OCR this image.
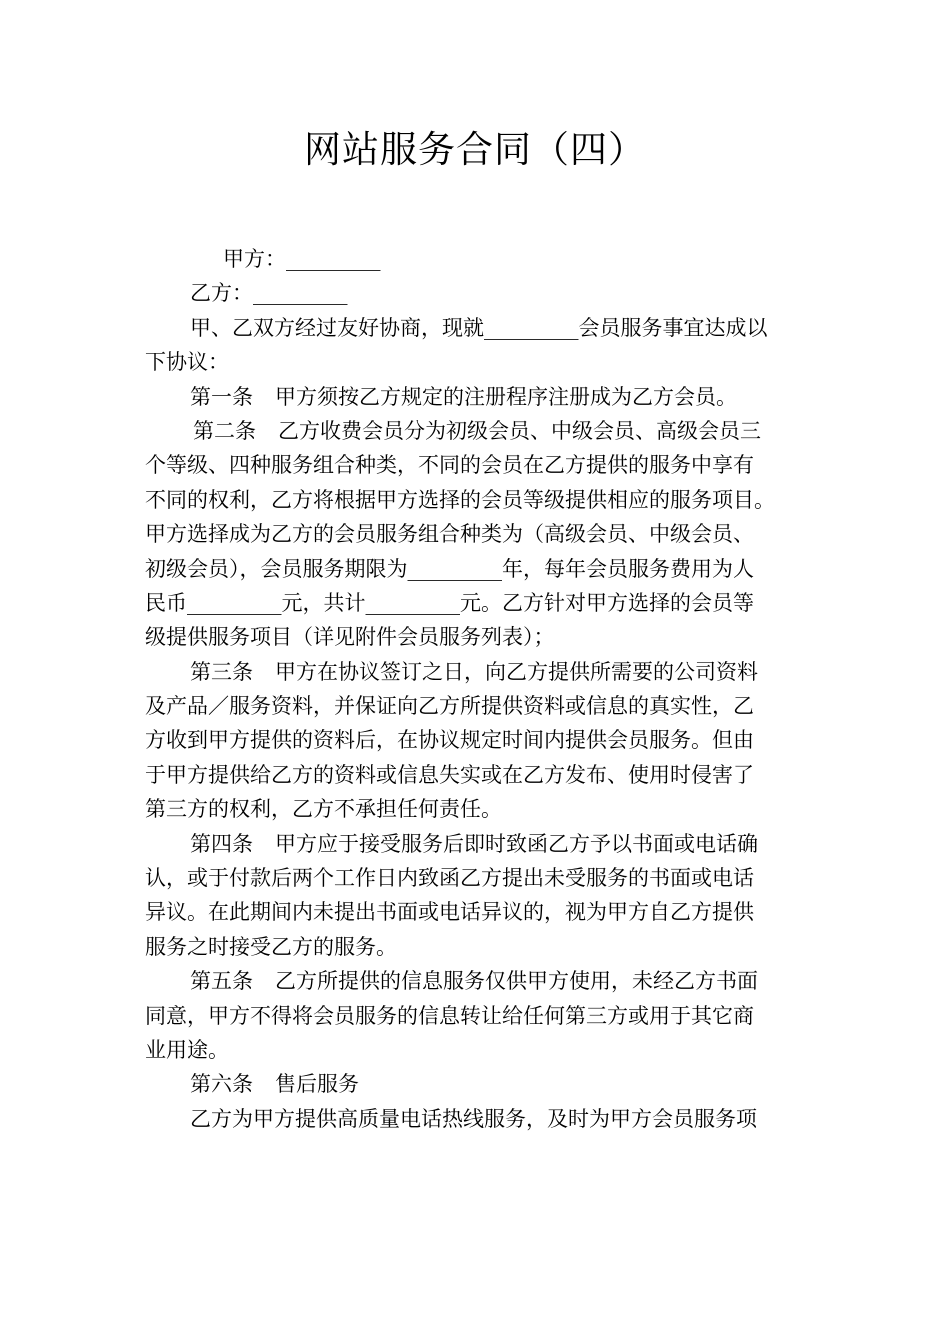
网站服务合同（四）
甲方：_________
乙方：_________
甲、乙双方经过友好协商，现就_________会员服务事宜达成以
下协议：
第一条 甲方须按乙方规定的注册程序注册成为乙方会员。
第二条 乙方收费会员分为初级会员、中级会员、高级会员三
个等级、四种服务组合种类，不同的会员在乙方提供的服务中享有
不同的权利，乙方将根据甲方选择的会员等级提供相应的服务项目。
甲方选择成为乙方的会员服务组合种类为（高级会员、中级会员、
初级会员），会员服务期限为_________年，每年会员服务费用为人
民币_________元，共计_________元。乙方针对甲方选择的会员等
级提供服务项目（详见附件会员服务列表）；
第三条 甲方在协议签订之日，向乙方提供所需要的公司资料
及产品／服务资料，并保证向乙方所提供资料或信息的真实性，乙
方收到甲方提供的资料后，在协议规定时间内提供会员服务。但由
于甲方提供给乙方的资料或信息失实或在乙方发布、使用时侵害了
第三方的权利，乙方不承担任何责任。
第四条 甲方应于接受服务后即时致函乙方予以书面或电话确
认，或于付款后两个工作日内致函乙方提出未受服务的书面或电话
异议。在此期间内未提出书面或电话异议的，视为甲方自乙方提供
服务之时接受乙方的服务。
第五条 乙方所提供的信息服务仅供甲方使用，未经乙方书面
同意，甲方不得将会员服务的信息转让给任何第三方或用于其它商
业用途。
第六条 售后服务
乙方为甲方提供高质量电话热线服务，及时为甲方会员服务项
